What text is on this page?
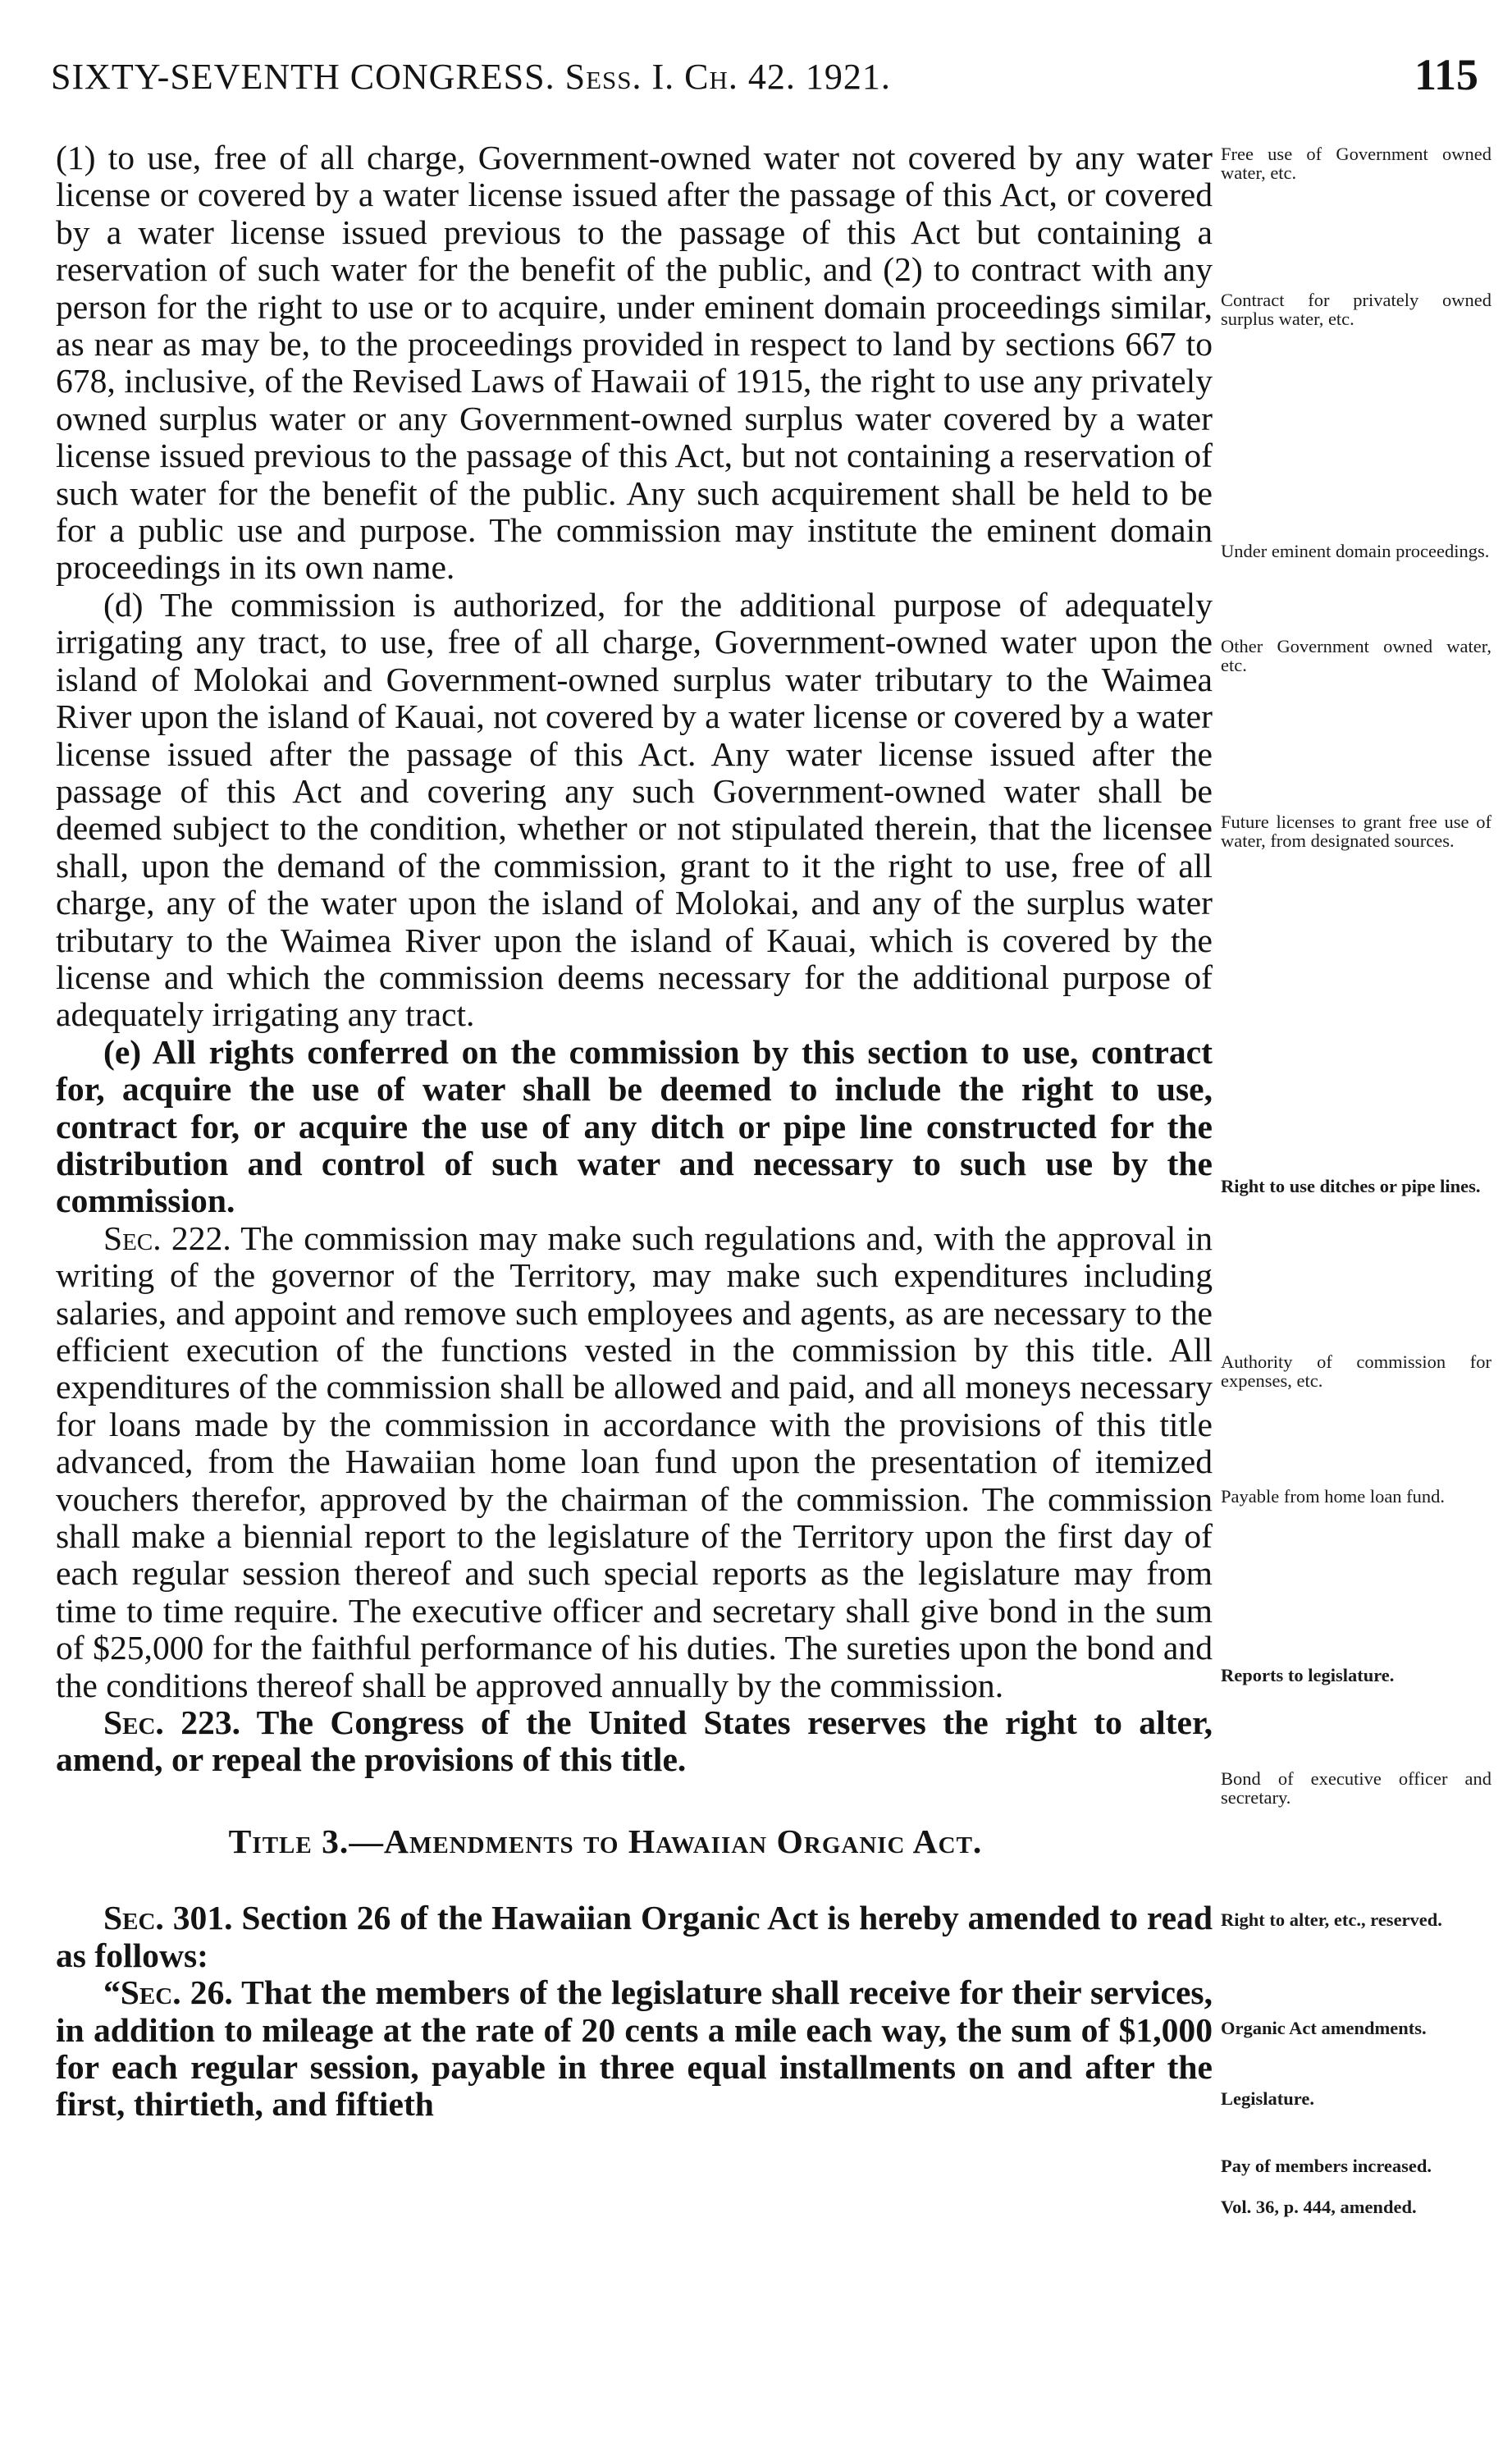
SIXTY-SEVENTH CONGRESS. Sess. I. Ch. 42. 1921.	115

(1) to use, free of all charge, Government-owned water not covered by any water license or covered by a water license issued after the passage of this Act, or covered by a water license issued previous to the passage of this Act but containing a reservation of such water for the benefit of the public, and (2) to contract with any person for the right to use or to acquire, under eminent domain proceedings similar, as near as may be, to the proceedings provided in respect to land by sections 667 to 678, inclusive, of the Revised Laws of Hawaii of 1915, the right to use any privately owned surplus water or any Government-owned surplus water covered by a water license issued previous to the passage of this Act, but not containing a reservation of such water for the benefit of the public. Any such acquirement shall be held to be for a public use and purpose. The commission may institute the eminent domain proceedings in its own name.

(d) The commission is authorized, for the additional purpose of adequately irrigating any tract, to use, free of all charge, Government-owned water upon the island of Molokai and Government-owned surplus water tributary to the Waimea River upon the island of Kauai, not covered by a water license or covered by a water license issued after the passage of this Act. Any water license issued after the passage of this Act and covering any such Government-owned water shall be deemed subject to the condition, whether or not stipulated therein, that the licensee shall, upon the demand of the commission, grant to it the right to use, free of all charge, any of the water upon the island of Molokai, and any of the surplus water tributary to the Waimea River upon the island of Kauai, which is covered by the license and which the commission deems necessary for the additional purpose of adequately irrigating any tract.

(e) All rights conferred on the commission by this section to use, contract for, acquire the use of water shall be deemed to include the right to use, contract for, or acquire the use of any ditch or pipe line constructed for the distribution and control of such water and necessary to such use by the commission.

Sec. 222. The commission may make such regulations and, with the approval in writing of the governor of the Territory, may make such expenditures including salaries, and appoint and remove such employees and agents, as are necessary to the efficient execution of the functions vested in the commission by this title. All expenditures of the commission shall be allowed and paid, and all moneys necessary for loans made by the commission in accordance with the provisions of this title advanced, from the Hawaiian home loan fund upon the presentation of itemized vouchers therefor, approved by the chairman of the commission. The commission shall make a biennial report to the legislature of the Territory upon the first day of each regular session thereof and such special reports as the legislature may from time to time require. The executive officer and secretary shall give bond in the sum of $25,000 for the faithful performance of his duties. The sureties upon the bond and the conditions thereof shall be approved annually by the commission.

Sec. 223. The Congress of the United States reserves the right to alter, amend, or repeal the provisions of this title.

Title 3.—Amendments to Hawaiian Organic Act.

Sec. 301. Section 26 of the Hawaiian Organic Act is hereby amended to read as follows:

“Sec. 26. That the members of the legislature shall receive for their services, in addition to mileage at the rate of 20 cents a mile each way, the sum of $1,000 for each regular session, payable in three equal installments on and after the first, thirtieth, and fiftieth

Free use of Government owned water, etc.
Contract for privately owned surplus water, etc.
Under eminent domain proceedings.
Other Government owned water, etc.
Future licenses to grant free use of water, from designated sources.
Right to use ditches or pipe lines.
Authority of commission for expenses, etc.
Payable from home loan fund.
Reports to legislature.
Bond of executive officer and secretary.
Right to alter, etc., reserved.
Organic Act amendments.
Legislature.
Pay of members increased.
Vol. 36, p. 444, amended.
